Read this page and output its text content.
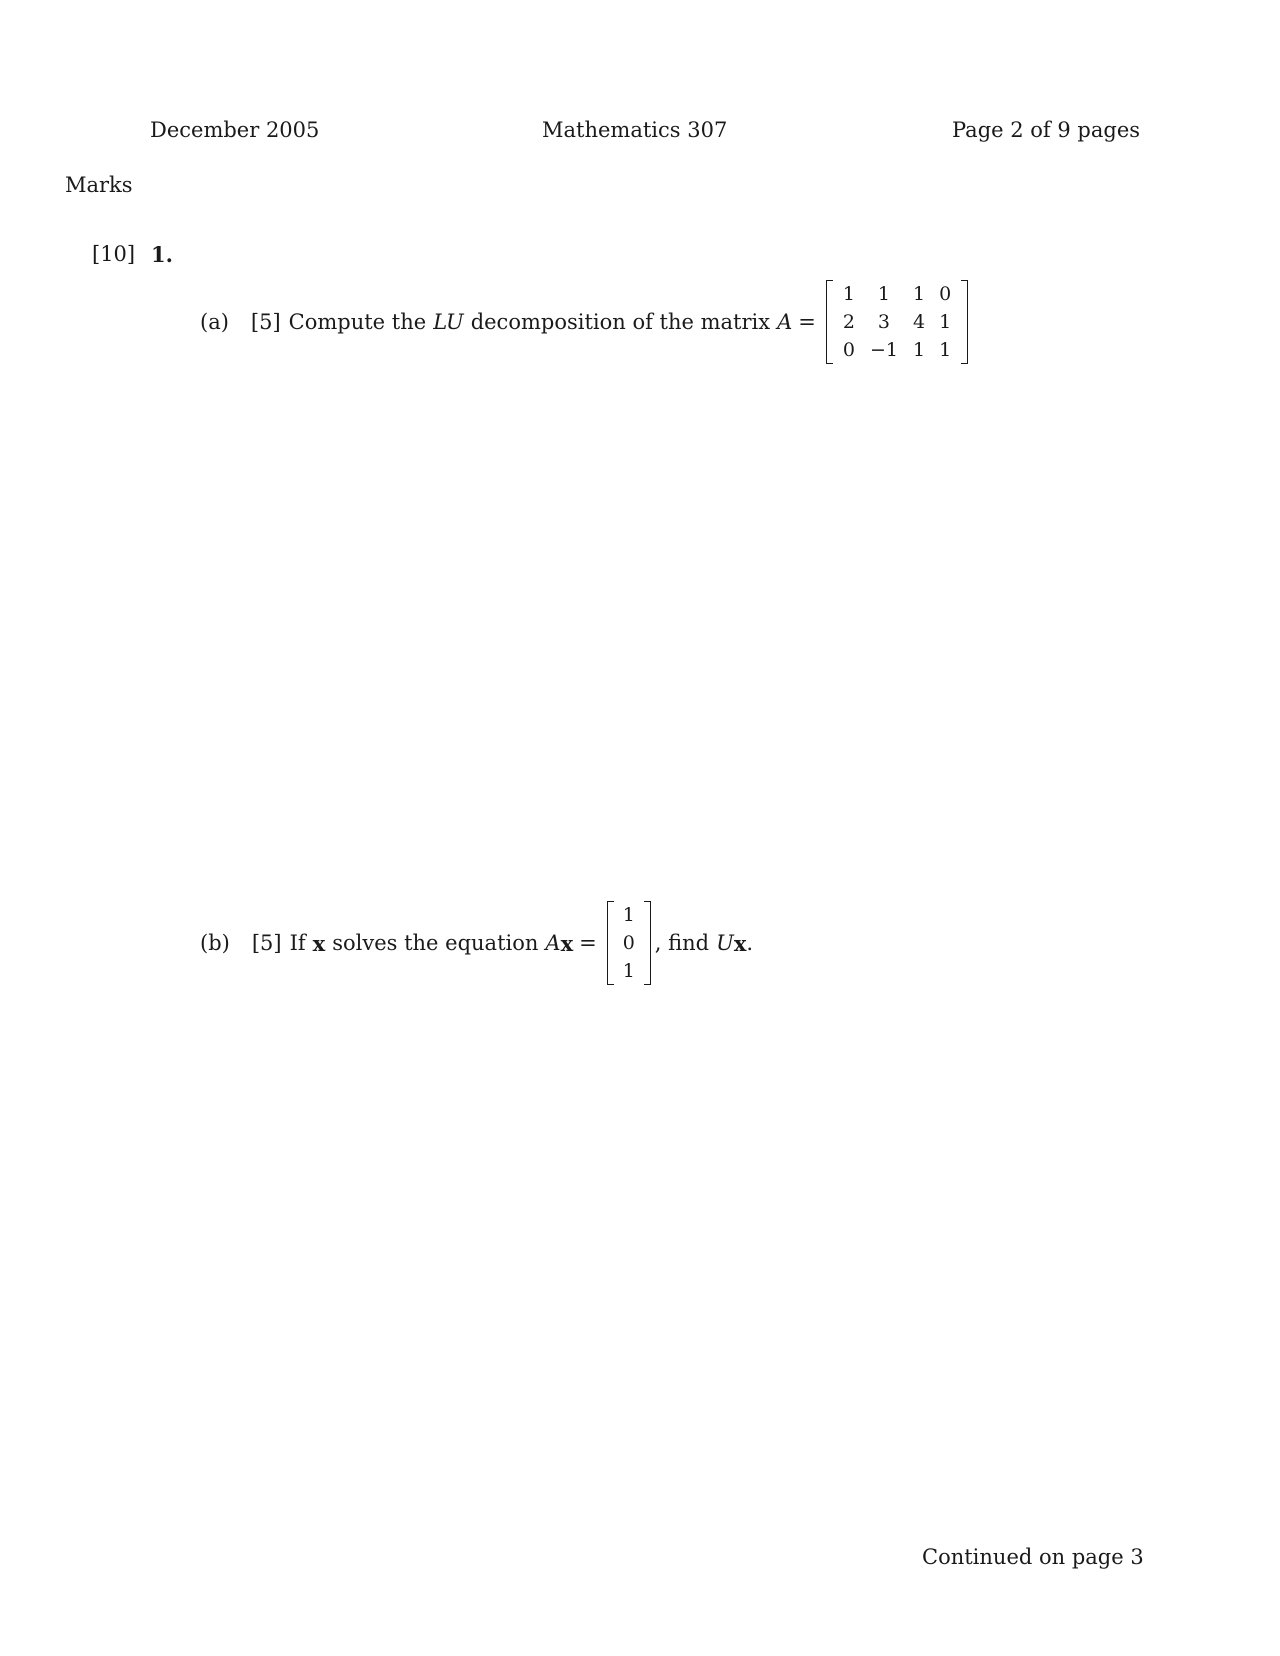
December 2005	Mathematics 307	Page 2 of 9 pages
Marks
[10] 1.
(a) [5] Compute the LU decomposition of the matrix A =
1	1	1	0
2	3	4	1
0	−1	1	1
(b) [5] If x solves the equation A x =
1
0
1
, find U x .
Continued on page 3
